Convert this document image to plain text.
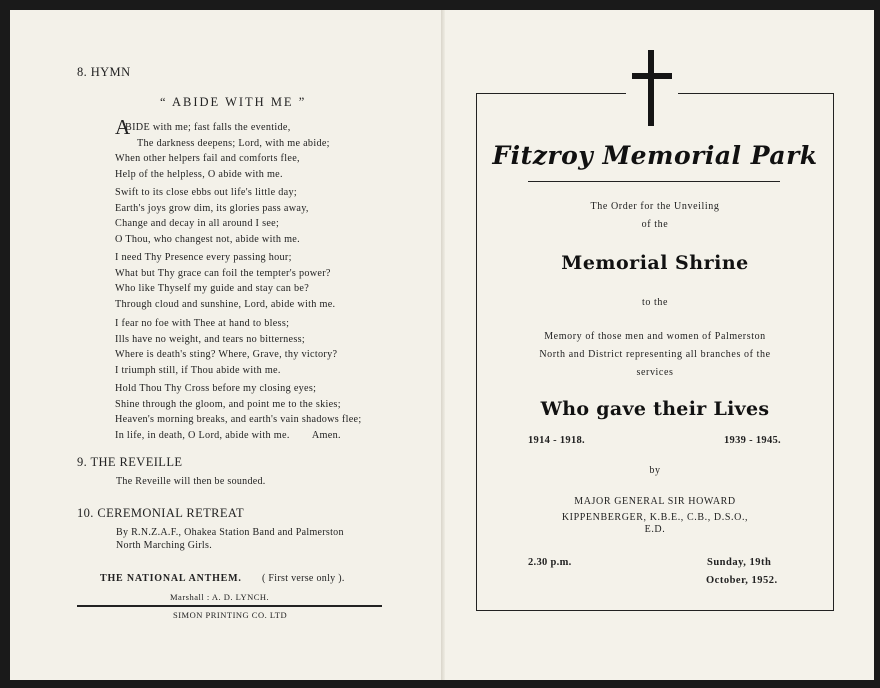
8. HYMN
“ ABIDE WITH ME ”
A
BIDE with me; fast falls the eventide,
The darkness deepens; Lord, with me abide;
When other helpers fail and comforts flee,
Help of the helpless, O abide with me.
Swift to its close ebbs out life's little day;
Earth's joys grow dim, its glories pass away,
Change and decay in all around I see;
O Thou, who changest not, abide with me.
I need Thy Presence every passing hour;
What but Thy grace can foil the tempter's power?
Who like Thyself my guide and stay can be?
Through cloud and sunshine, Lord, abide with me.
I fear no foe with Thee at hand to bless;
Ills have no weight, and tears no bitterness;
Where is death's sting? Where, Grave, thy victory?
I triumph still, if Thou abide with me.
Hold Thou Thy Cross before my closing eyes;
Shine through the gloom, and point me to the skies;
Heaven's morning breaks, and earth's vain shadows flee;
In life, in death, O Lord, abide with me.        Amen.
9. THE REVEILLE
The Reveille will then be sounded.
10. CEREMONIAL RETREAT
By R.N.Z.A.F., Ohakea Station Band and Palmerston
North Marching Girls.
THE NATIONAL ANTHEM. ( First verse only ).
Marshall : A. D. LYNCH.
SIMON PRINTING CO. LTD
Fitzroy Memorial Park
The Order for the Unveiling
of the
Memorial Shrine
to the
Memory of those men and women of Palmerston
North and District representing all branches of the
services
Who gave their Lives
1914 - 1918.	1939 - 1945.
by
MAJOR GENERAL SIR HOWARD
KIPPENBERGER, K.B.E., C.B., D.S.O.,
E.D.
2.30 p.m.	Sunday, 19th
October, 1952.
